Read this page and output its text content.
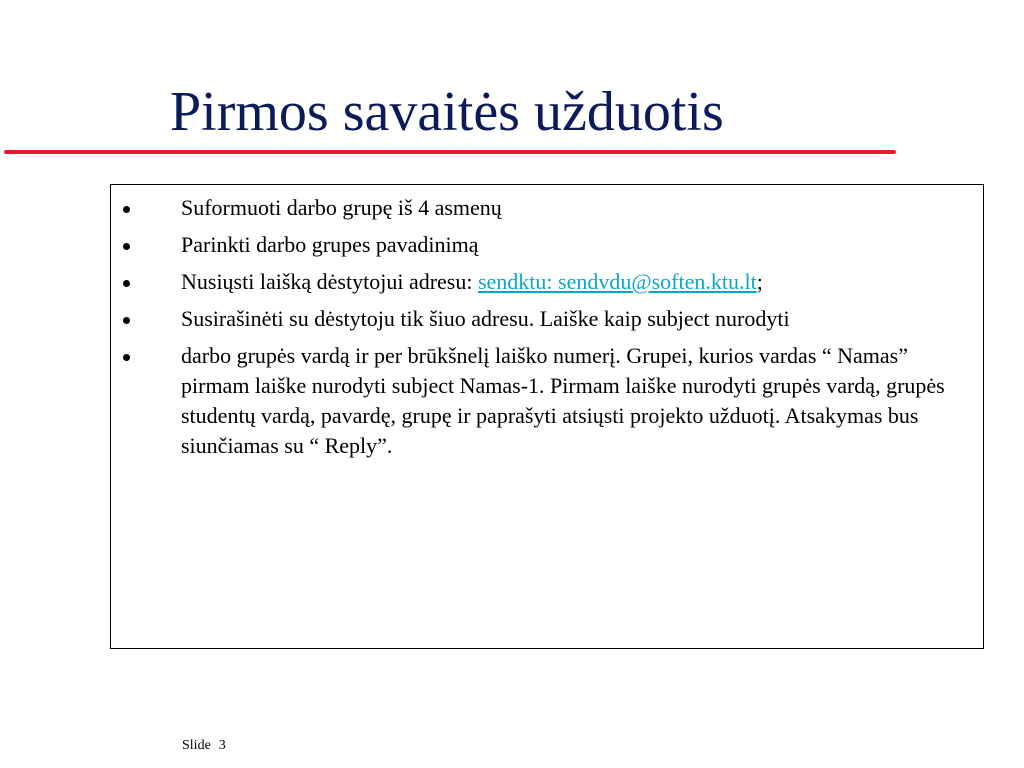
Pirmos savaitės užduotis
Suformuoti darbo grupę iš 4 asmenų
Parinkti darbo grupes pavadinimą
Nusiųsti laišką dėstytojui adresu: sendktu: sendvdu@soften.ktu.lt;
Susirašinėti su dėstytoju tik šiuo adresu. Laiške kaip subject nurodyti
darbo grupės vardą ir per brūkšnelį laiško numerį. Grupei, kurios vardas “ Namas” pirmam laiške nurodyti subject Namas-1. Pirmam laiške nurodyti grupės vardą, grupės studentų vardą, pavardę, grupę ir paprašyti atsiųsti projekto užduotį. Atsakymas bus siunčiamas su “ Reply”.
Slide 3
